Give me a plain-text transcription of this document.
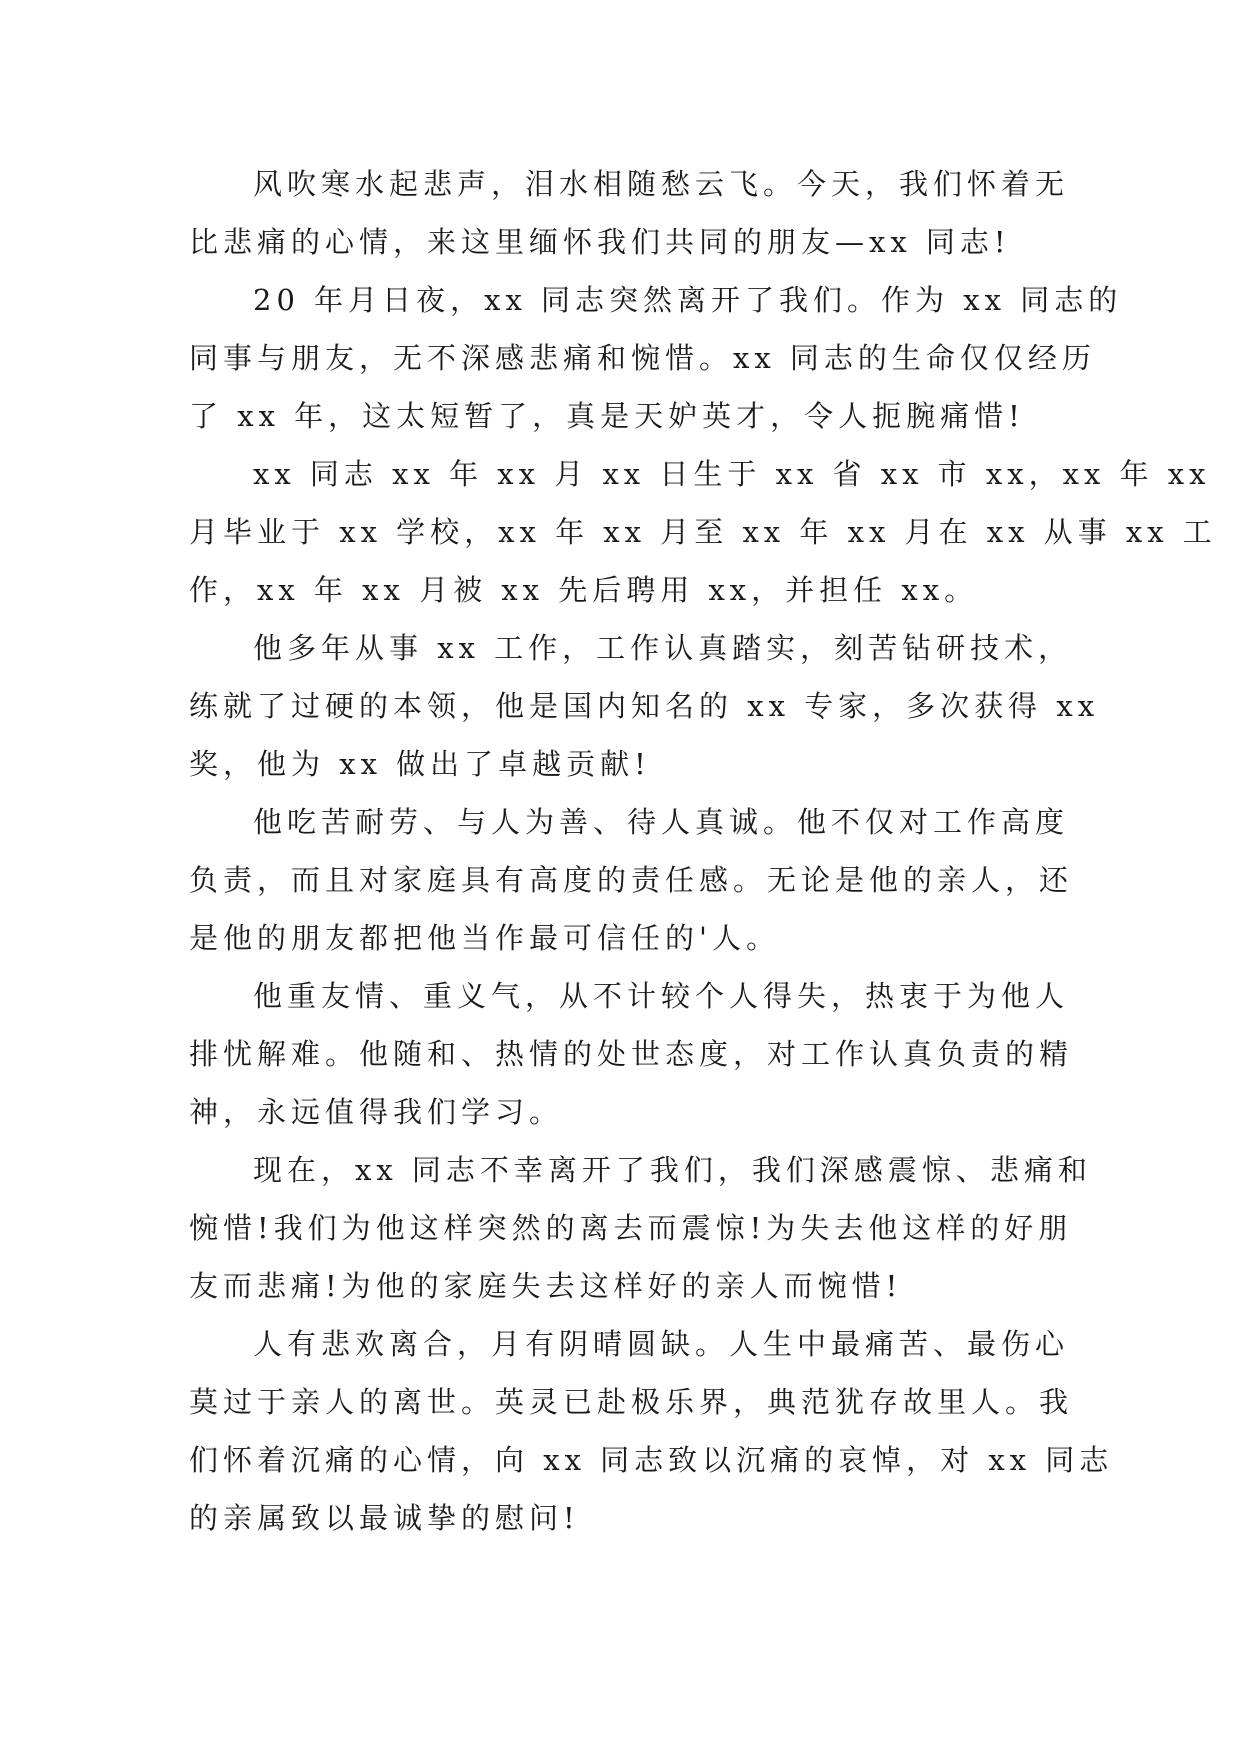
风吹寒水起悲声，泪水相随愁云飞。今天，我们怀着无
比悲痛的心情，来这里缅怀我们共同的朋友—xx 同志!

20 年月日夜，xx 同志突然离开了我们。作为 xx 同志的
同事与朋友，无不深感悲痛和惋惜。xx 同志的生命仅仅经历
了 xx 年，这太短暂了，真是天妒英才，令人扼腕痛惜!

xx 同志 xx 年 xx 月 xx 日生于 xx 省 xx 市 xx，xx 年 xx
月毕业于 xx 学校，xx 年 xx 月至 xx 年 xx 月在 xx 从事 xx 工
作，xx 年 xx 月被 xx 先后聘用 xx，并担任 xx。

他多年从事 xx 工作，工作认真踏实，刻苦钻研技术，
练就了过硬的本领，他是国内知名的 xx 专家，多次获得 xx
奖，他为 xx 做出了卓越贡献!

他吃苦耐劳、与人为善、待人真诚。他不仅对工作高度
负责，而且对家庭具有高度的责任感。无论是他的亲人，还
是他的朋友都把他当作最可信任的'人。

他重友情、重义气，从不计较个人得失，热衷于为他人
排忧解难。他随和、热情的处世态度，对工作认真负责的精
神，永远值得我们学习。

现在，xx 同志不幸离开了我们，我们深感震惊、悲痛和
惋惜!我们为他这样突然的离去而震惊!为失去他这样的好朋
友而悲痛!为他的家庭失去这样好的亲人而惋惜!

人有悲欢离合，月有阴晴圆缺。人生中最痛苦、最伤心
莫过于亲人的离世。英灵已赴极乐界，典范犹存故里人。我
们怀着沉痛的心情，向 xx 同志致以沉痛的哀悼，对 xx 同志
的亲属致以最诚挚的慰问!
